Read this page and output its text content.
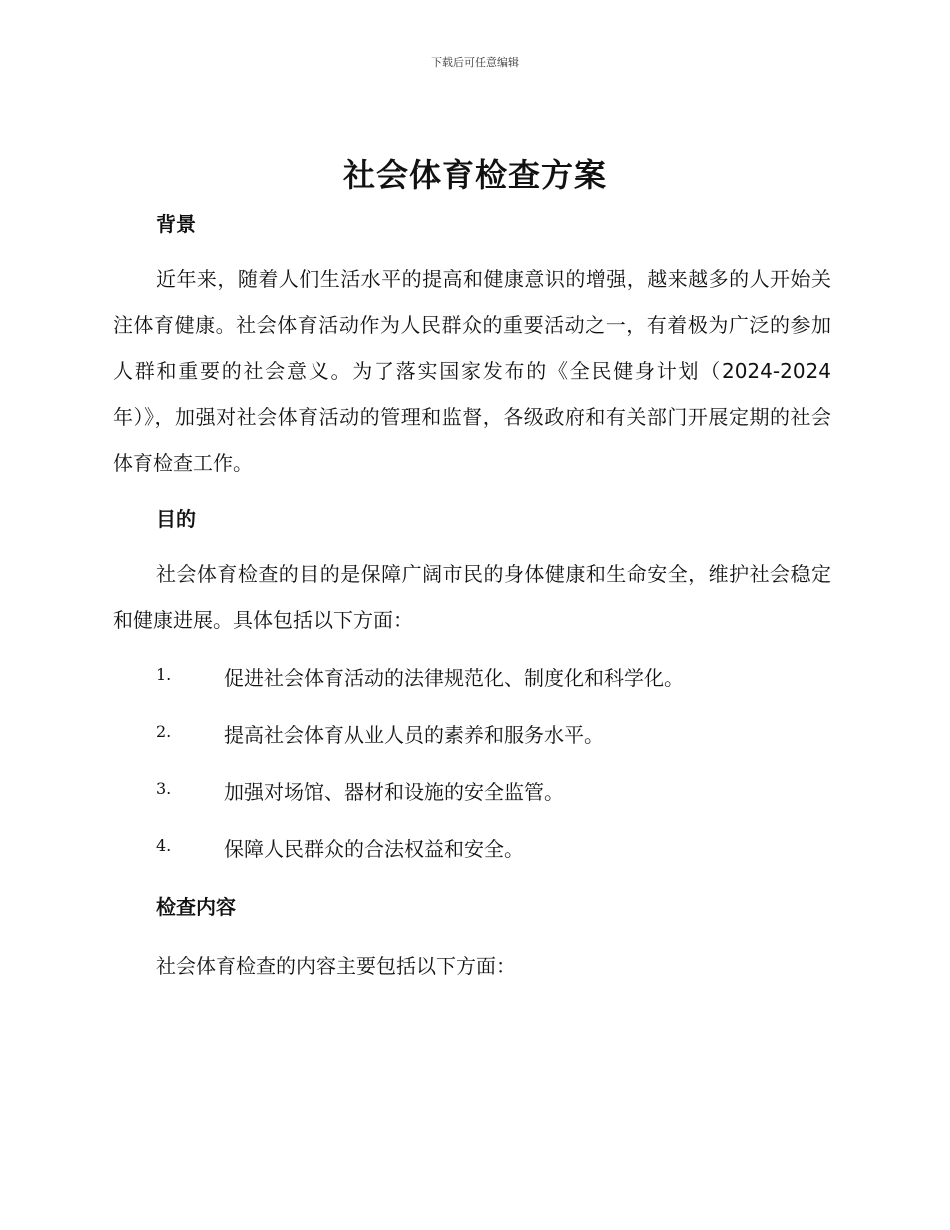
下载后可任意编辑
社会体育检查方案
背景

近年来，随着人们生活水平的提高和健康意识的增强，越来越多的人开始关注体育健康。社会体育活动作为人民群众的重要活动之一，有着极为广泛的参加人群和重要的社会意义。为了落实国家发布的《全民健身计划（2024-2024年）》，加强对社会体育活动的管理和监督，各级政府和有关部门开展定期的社会体育检查工作。

目的

社会体育检查的目的是保障广阔市民的身体健康和生命安全，维护社会稳定和健康进展。具体包括以下方面：

1.	促进社会体育活动的法律规范化、制度化和科学化。
2.	提高社会体育从业人员的素养和服务水平。
3.	加强对场馆、器材和设施的安全监管。
4.	保障人民群众的合法权益和安全。
检查内容

社会体育检查的内容主要包括以下方面：
